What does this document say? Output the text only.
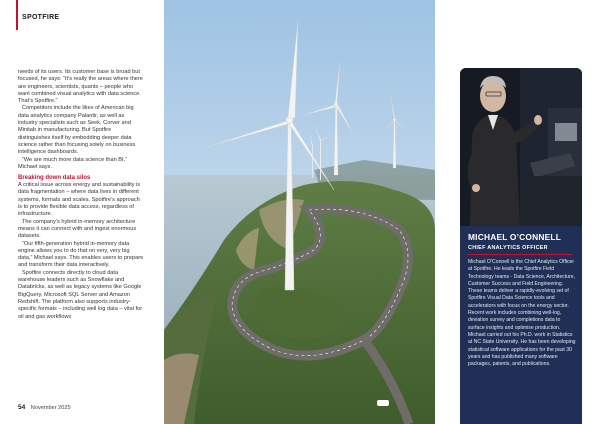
SPOTFIRE

needs of its users. Its customer base is broad but focused, he says: “It’s really the areas where there are engineers, scientists, quants – people who want combined visual analytics with data science. That’s Spotfire.”

Competitors include the likes of American big data analytics company Palantir, as well as industry specialists such as Seek, Corver and Minitab in manufacturing. But Spotfire distinguishes itself by embedding deeper data science rather than focusing solely on business intelligence dashboards.

“We are much more data science than BI,” Michael says.

Breaking down data silos

A critical issue across energy and sustainability is data fragmentation – where data lives in different systems, formats and scales. Spotfire’s approach is to provide flexible data access, regardless of infrastructure.

The company’s hybrid in-memory architecture means it can connect with and ingest enormous datasets.

“Our fifth-generation hybrid in-memory data engine allows you to do that on very, very big data,” Michael says. This enables users to prepare and transform their data interactively.

Spotfire connects directly to cloud data warehouse leaders such as Snowflake and Databricks, as well as legacy systems like Google BigQuery, Microsoft SQL Server and Amazon Redshift. The platform also supports industry-specific formats – including well log data – vital for oil and gas workflows

54 November 2025
MICHAEL O’CONNELL
CHIEF ANALYTICS OFFICER
Michael O’Connell is the Chief Analytics Officer at Spotfire. He leads the Spotfire Field Technology teams - Data Science, Architecture, Customer Success and Field Engineering. These teams deliver a rapidly-evolving set of Spotfire Visual Data Science tools and accelerators with focus on the energy sector. Recent work includes combining well-log, deviation survey and completions data to surface insights and optimise production. Michael carried out his Ph.D. work in Statistics at NC State University. He has been developing statistical software applications for the past 30 years and has published many software packages, patents, and publications.
